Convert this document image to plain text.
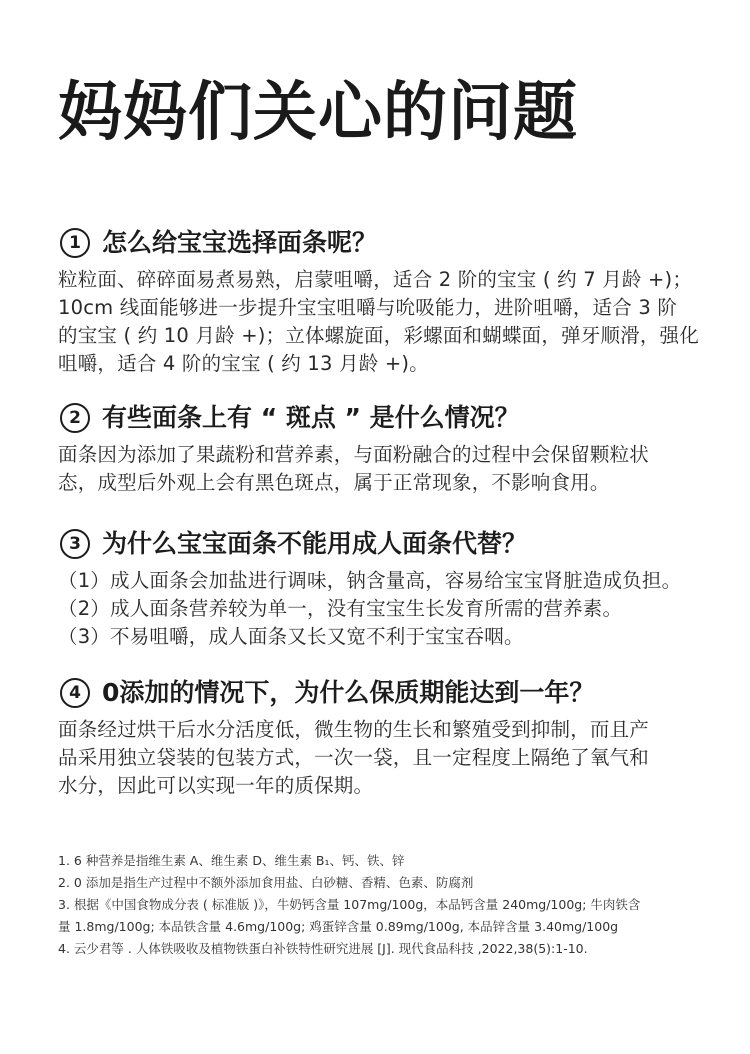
妈妈们关心的问题
1 怎么给宝宝选择面条呢？

粒粒面、碎碎面易煮易熟，启蒙咀嚼，适合 2 阶的宝宝 ( 约 7 月龄 +)；

10cm 线面能够进一步提升宝宝咀嚼与吮吸能力，进阶咀嚼，适合 3 阶

的宝宝 ( 约 10 月龄 +)；立体螺旋面，彩螺面和蝴蝶面，弹牙顺滑，强化

咀嚼，适合 4 阶的宝宝 ( 约 13 月龄 +)。

2 有些面条上有 “ 斑点 ” 是什么情况？

面条因为添加了果蔬粉和营养素，与面粉融合的过程中会保留颗粒状

态，成型后外观上会有黑色斑点，属于正常现象，不影响食用。

3 为什么宝宝面条不能用成人面条代替？

（1）成人面条会加盐进行调味，钠含量高，容易给宝宝肾脏造成负担。

（2）成人面条营养较为单一，没有宝宝生长发育所需的营养素。

（3）不易咀嚼，成人面条又长又宽不利于宝宝吞咽。

4 0添加的情况下，为什么保质期能达到一年？

面条经过烘干后水分活度低，微生物的生长和繁殖受到抑制，而且产

品采用独立袋装的包装方式，一次一袋，且一定程度上隔绝了氧气和

水分，因此可以实现一年的质保期。

1. 6 种营养是指维生素 A、维生素 D、维生素 B₁、钙、铁、锌

2. 0 添加是指生产过程中不额外添加食用盐、白砂糖、香精、色素、防腐剂

3. 根据《中国食物成分表 ( 标准版 )》，牛奶钙含量 107mg/100g，本品钙含量 240mg/100g; 牛肉铁含

量 1.8mg/100g; 本品铁含量 4.6mg/100g; 鸡蛋锌含量 0.89mg/100g, 本品锌含量 3.40mg/100g

4. 云少君等 . 人体铁吸收及植物铁蛋白补铁特性研究进展 [J]. 现代食品科技 ,2022,38(5):1-10.
